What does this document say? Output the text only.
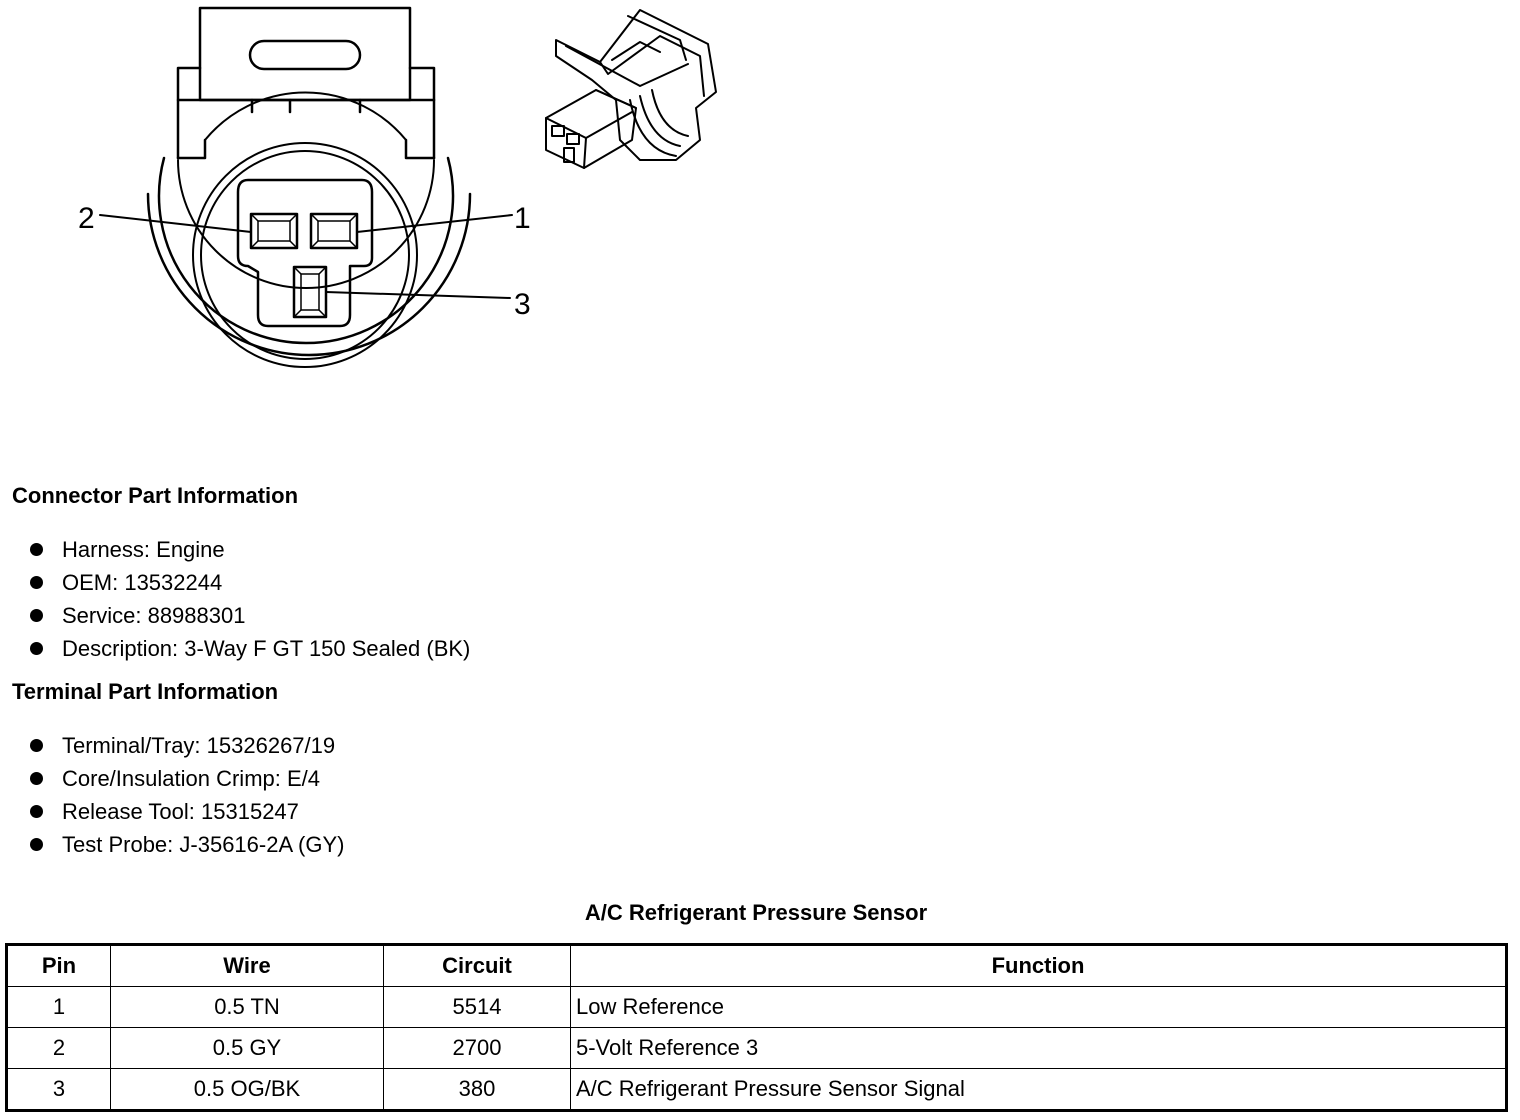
1
2
3
Connector Part Information
Harness: Engine
OEM: 13532244
Service: 88988301
Description: 3-Way F GT 150 Sealed (BK)
Terminal Part Information
Terminal/Tray: 15326267/19
Core/Insulation Crimp: E/4
Release Tool: 15315247
Test Probe: J-35616-2A (GY)
A/C Refrigerant Pressure Sensor
Pin	Wire	Circuit	Function
1	0.5 TN	5514	Low Reference
2	0.5 GY	2700	5-Volt Reference 3
3	0.5 OG/BK	380	A/C Refrigerant Pressure Sensor Signal
